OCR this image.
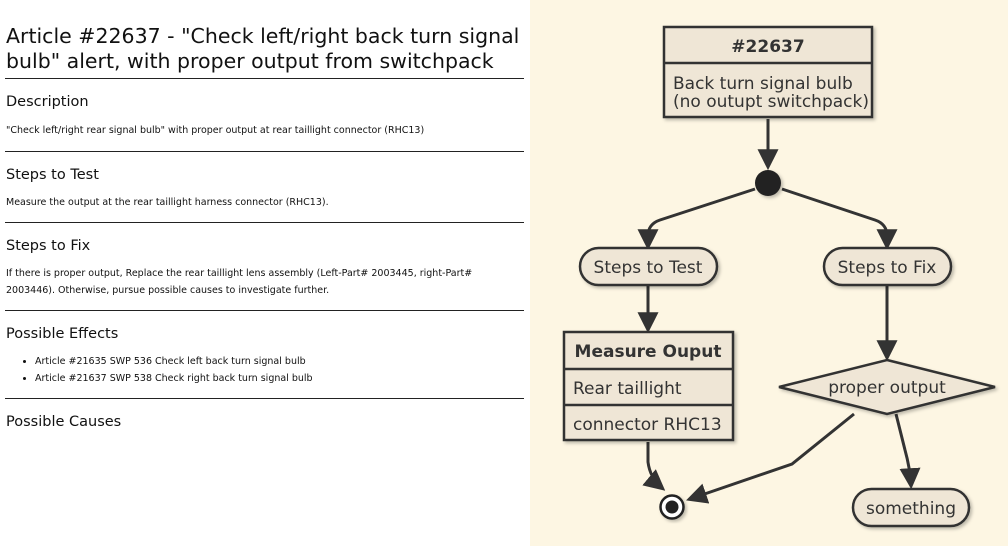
Article #22637 - "Check left/right back turn signal bulb" alert, with proper output from switchpack
Description

"Check left/right rear signal bulb" with proper output at rear taillight connector (RHC13)

Steps to Test

Measure the output at the rear taillight harness connector (RHC13).

Steps to Fix

If there is proper output, Replace the rear taillight lens assembly (Left-Part# 2003445, right-Part# 2003446). Otherwise, pursue possible causes to investigate further.

Possible Effects
• Article #21635 SWP 536 Check left back turn signal bulb
• Article #21637 SWP 538 Check right back turn signal bulb
Possible Causes
#22637
Back turn signal bulb
(no outupt switchpack)
Steps to Test	Steps to Fix
Measure Ouput
Rear taillight
connector RHC13
proper output
something
